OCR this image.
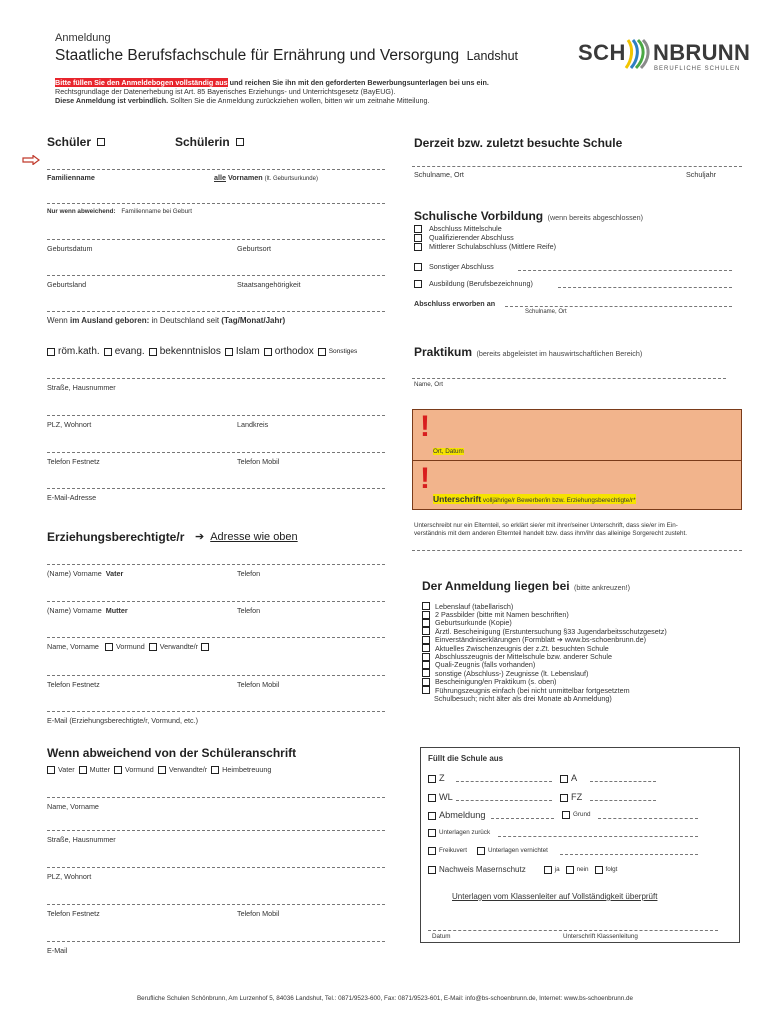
Anmeldung
Staatliche Berufsfachschule für Ernährung und Versorgung Landshut	SCH NBRUNN
BERUFLICHE SCHULEN
Bitte füllen Sie den Anmeldebogen vollständig aus und reichen Sie ihn mit den geforderten Bewerbungsunterlagen bei uns ein.
Rechtsgrundlage der Datenerhebung ist Art. 85 Bayerisches Erziehungs- und Unterrichtsgesetz (BayEUG).
Diese Anmeldung ist verbindlich. Sollten Sie die Anmeldung zurückziehen wollen, bitten wir um zeitnahe Mitteilung.
Schüler	Schülerin
Familienname	alle Vornamen (lt. Geburtsurkunde)
Nur wenn abweichend: Familienname bei Geburt
Geburtsdatum	Geburtsort
Geburtsland	Staatsangehörigkeit
Wenn im Ausland geboren: in Deutschland seit (Tag/Monat/Jahr)
röm.kath. evang. bekenntnislos Islam orthodox Sonstiges
Straße, Hausnummer
PLZ, Wohnort	Landkreis
Telefon Festnetz	Telefon Mobil
E-Mail-Adresse
Erziehungsberechtigte/r ➔ Adresse wie oben
(Name) Vorname Vater	Telefon
(Name) Vorname Mutter	Telefon
Name, Vorname Vormund Verwandte/r
Telefon Festnetz	Telefon Mobil
E-Mail (Erziehungsberechtigte/r, Vormund, etc.)
Wenn abweichend von der Schüleranschrift
Vater Mutter Vormund Verwandte/r Heimbetreuung
Name, Vorname
Straße, Hausnummer
PLZ, Wohnort
Telefon Festnetz	Telefon Mobil
E-Mail
Derzeit bzw. zuletzt besuchte Schule
Schulname, Ort	Schuljahr
Schulische Vorbildung (wenn bereits abgeschlossen)
Abschluss Mittelschule
Qualifizierender Abschluss
Mittlerer Schulabschluss (Mittlere Reife)
Sonstiger Abschluss
Ausbildung (Berufsbezeichnung)
Abschluss erworben an
Schulname, Ort
Praktikum (bereits abgeleistet im hauswirtschaftlichen Bereich)
Name, Ort
!
Ort, Datum
!
Unterschrift volljährige/r Bewerber/in bzw. Erziehungsberechtigte/r*
Unterschreibt nur ein Elternteil, so erklärt sie/er mit ihrer/seiner Unterschrift, dass sie/er im Ein-
verständnis mit dem anderen Elternteil handelt bzw. dass ihm/ihr das alleinige Sorgerecht zusteht.
Der Anmeldung liegen bei (bitte ankreuzen!)
Lebenslauf (tabellarisch)
2 Passbilder (bitte mit Namen beschriften)
Geburtsurkunde (Kopie)
Ärztl. Bescheinigung (Erstuntersuchung §33 Jugendarbeitsschutzgesetz)
Einverständniserklärungen (Formblatt ➔ www.bs-schoenbrunn.de)
Aktuelles Zwischenzeugnis der z.Zt. besuchten Schule
Abschlusszeugnis der Mittelschule bzw. anderer Schule
Quali-Zeugnis (falls vorhanden)
sonstige (Abschluss-) Zeugnisse (lt. Lebenslauf)
Bescheinigung/en Praktikum (s. oben)
Führungszeugnis einfach (bei nicht unmittelbar fortgesetztem
Schulbesuch; nicht älter als drei Monate ab Anmeldung)
Füllt die Schule aus
Z	A
WL	FZ
Abmeldung	Grund
Unterlagen zurück
Freikuvert	Unterlagen vernichtet
Nachweis Masernschutz	ja	nein	folgt
Unterlagen vom Klassenleiter auf Vollständigkeit überprüft
Datum	Unterschrift Klassenleitung
Berufliche Schulen Schönbrunn, Am Lurzenhof 5, 84036 Landshut, Tel.: 0871/9523-600, Fax: 0871/9523-601, E-Mail: info@bs-schoenbrunn.de, Internet: www.bs-schoenbrunn.de
